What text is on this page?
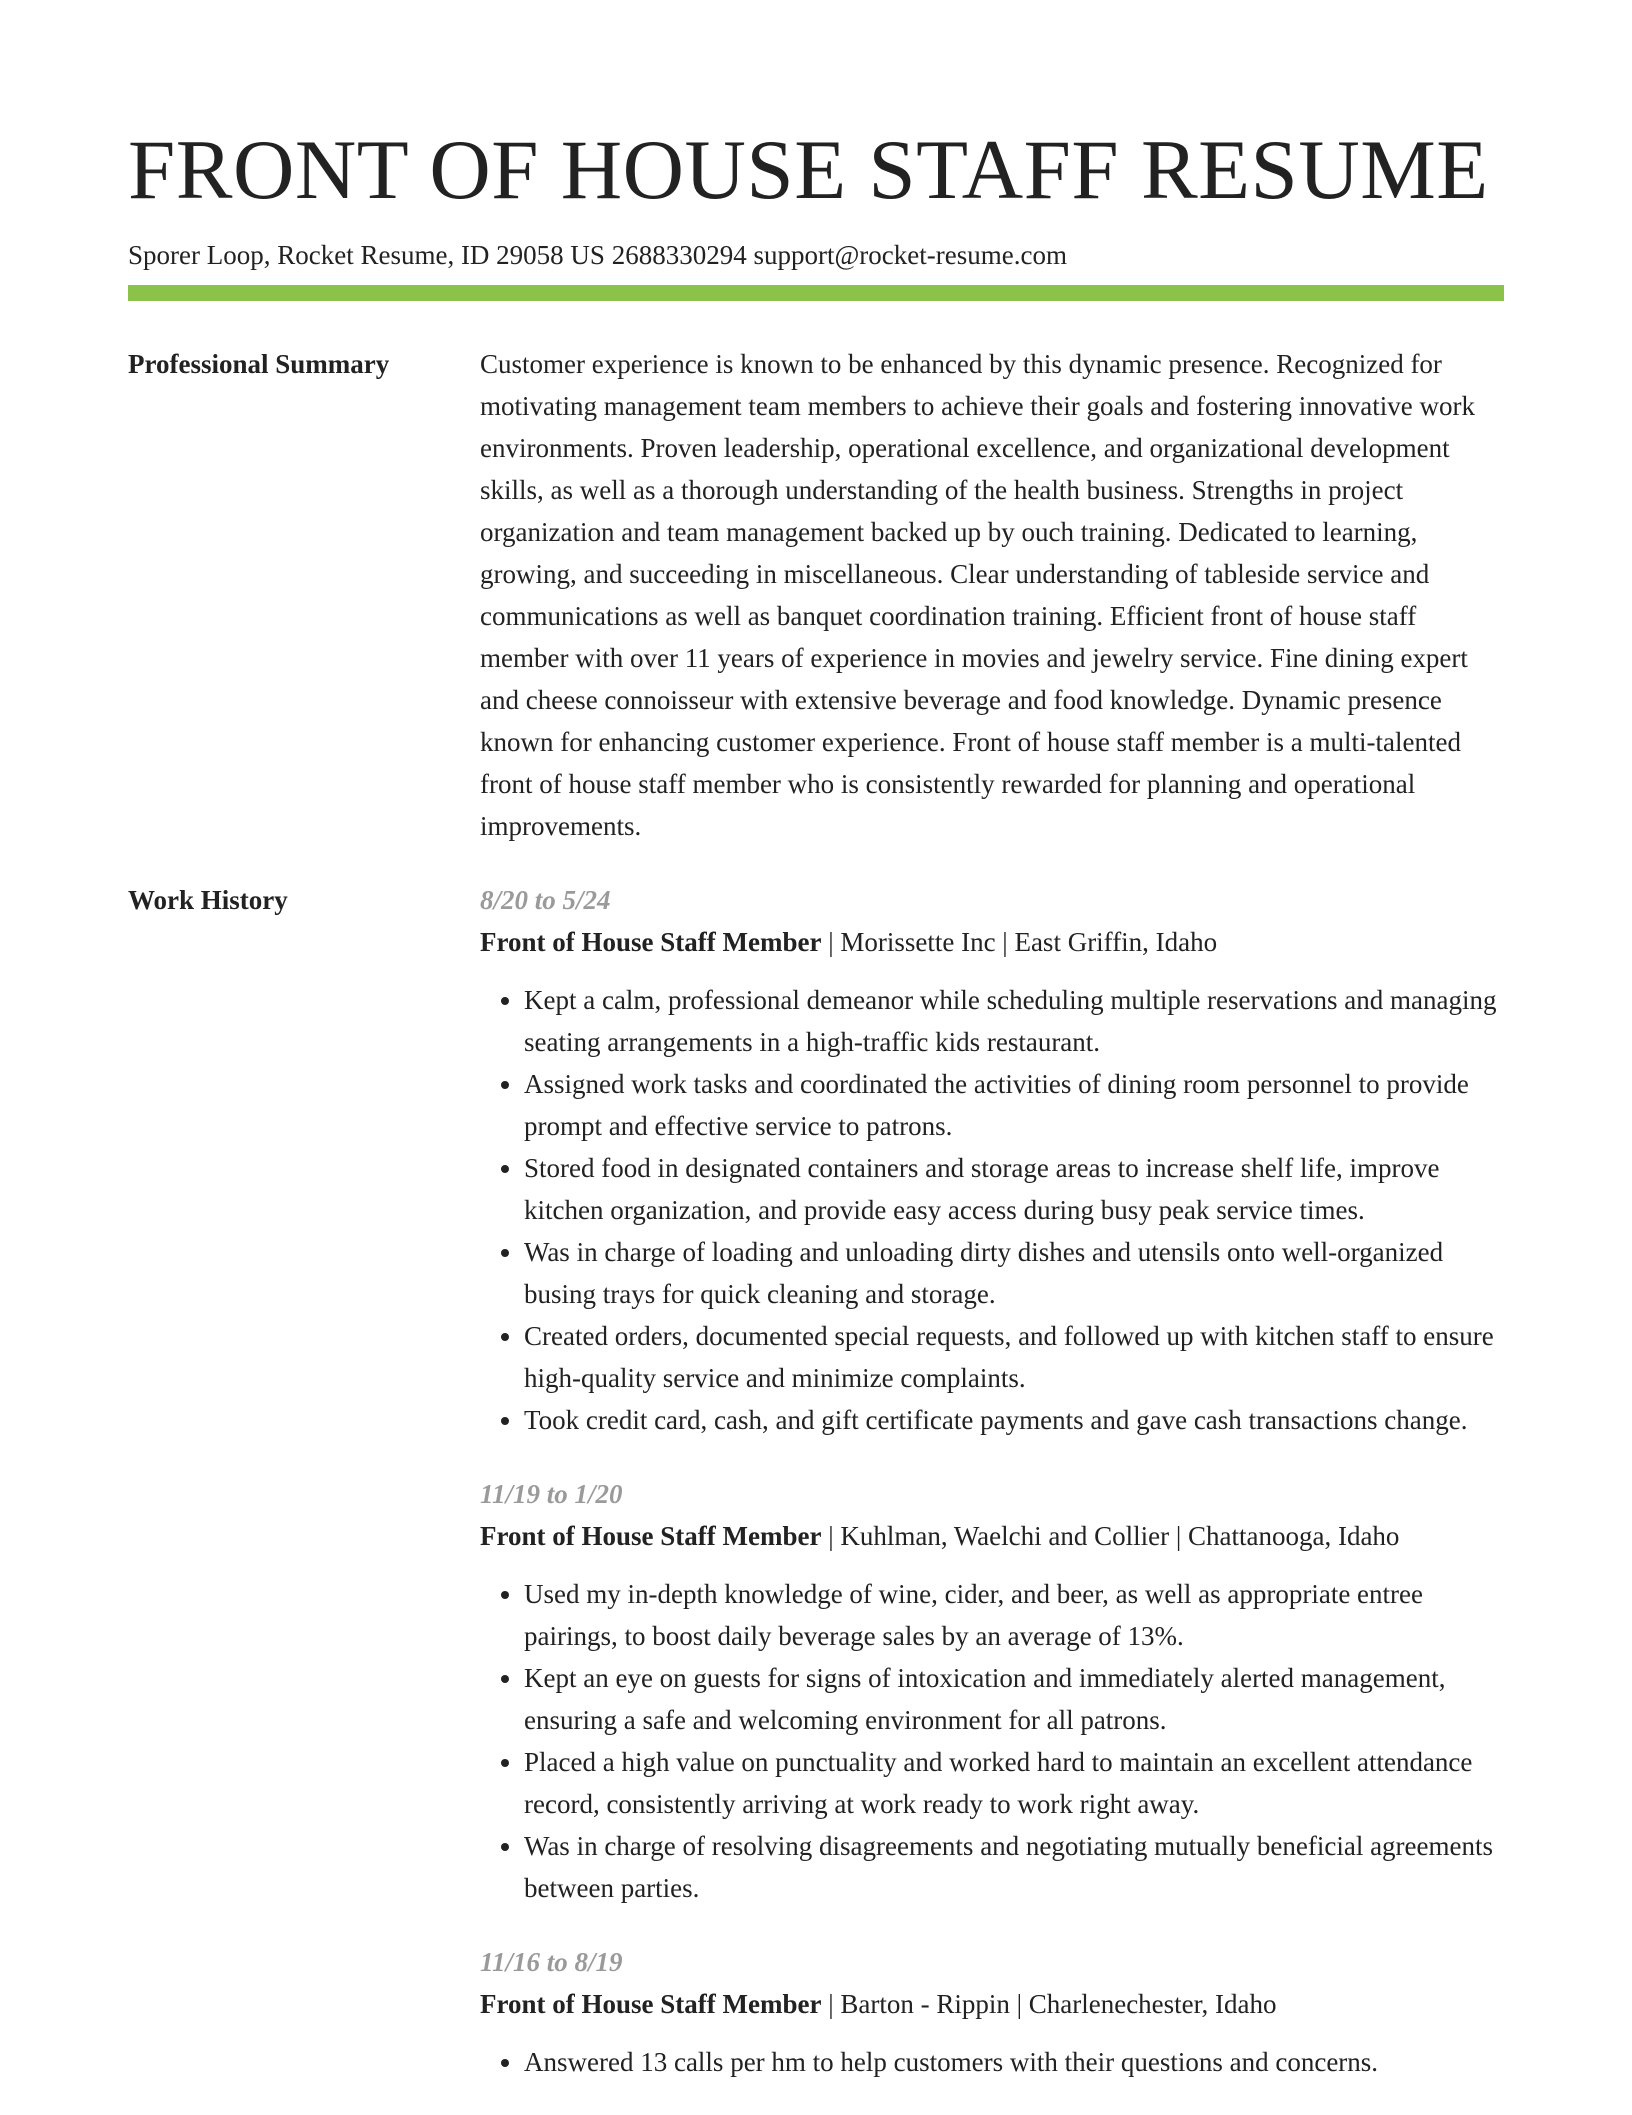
FRONT OF HOUSE STAFF RESUME
Sporer Loop, Rocket Resume, ID 29058 US 2688330294 support@rocket-resume.com
Professional Summary	Customer experience is known to be enhanced by this dynamic presence. Recognized for motivating management team members to achieve their goals and fostering innovative work environments. Proven leadership, operational excellence, and organizational development skills, as well as a thorough understanding of the health business. Strengths in project organization and team management backed up by ouch training. Dedicated to learning, growing, and succeeding in miscellaneous. Clear understanding of tableside service and communications as well as banquet coordination training. Efficient front of house staff member with over 11 years of experience in movies and jewelry service. Fine dining expert and cheese connoisseur with extensive beverage and food knowledge. Dynamic presence known for enhancing customer experience. Front of house staff member is a multi-talented front of house staff member who is consistently rewarded for planning and operational improvements.

Work History	8/20 to 5/24
Front of House Staff Member | Morissette Inc | East Griffin, Idaho
• Kept a calm, professional demeanor while scheduling multiple reservations and managing seating arrangements in a high-traffic kids restaurant.
• Assigned work tasks and coordinated the activities of dining room personnel to provide prompt and effective service to patrons.
• Stored food in designated containers and storage areas to increase shelf life, improve kitchen organization, and provide easy access during busy peak service times.
• Was in charge of loading and unloading dirty dishes and utensils onto well-organized busing trays for quick cleaning and storage.
• Created orders, documented special requests, and followed up with kitchen staff to ensure high-quality service and minimize complaints.
• Took credit card, cash, and gift certificate payments and gave cash transactions change.
11/19 to 1/20
Front of House Staff Member | Kuhlman, Waelchi and Collier | Chattanooga, Idaho
• Used my in-depth knowledge of wine, cider, and beer, as well as appropriate entree pairings, to boost daily beverage sales by an average of 13%.
• Kept an eye on guests for signs of intoxication and immediately alerted management, ensuring a safe and welcoming environment for all patrons.
• Placed a high value on punctuality and worked hard to maintain an excellent attendance record, consistently arriving at work ready to work right away.
• Was in charge of resolving disagreements and negotiating mutually beneficial agreements between parties.
11/16 to 8/19
Front of House Staff Member | Barton - Rippin | Charlenechester, Idaho
• Answered 13 calls per hm to help customers with their questions and concerns.
